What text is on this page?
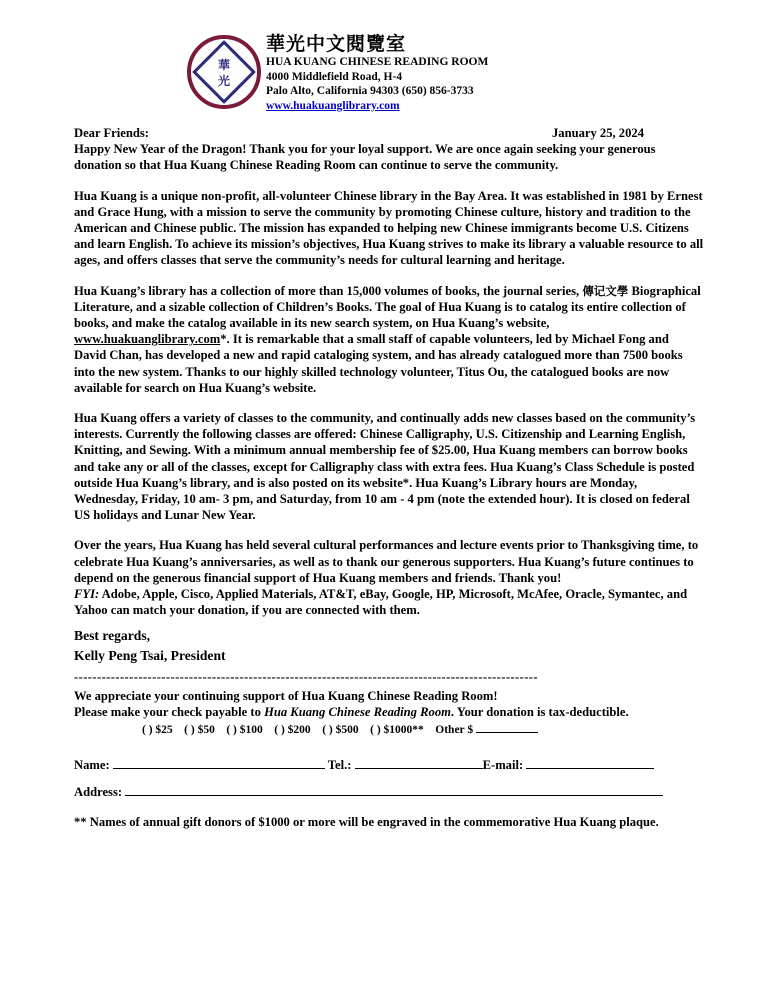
華
光
華光中文閱覽室
HUA KUANG CHINESE READING ROOM
4000 Middlefield Road, H-4
Palo Alto, California 94303 (650) 856-3733
www.huakuanglibrary.com
Dear Friends:	January 25, 2024

Happy New Year of the Dragon! Thank you for your loyal support. We are once again seeking your generous donation so that Hua Kuang Chinese Reading Room can continue to serve the community.

Hua Kuang is a unique non-profit, all-volunteer Chinese library in the Bay Area. It was established in 1981 by Ernest and Grace Hung, with a mission to serve the community by promoting Chinese culture, history and tradition to the American and Chinese public. The mission has expanded to helping new Chinese immigrants become U.S. Citizens and learn English. To achieve its mission’s objectives, Hua Kuang strives to make its library a valuable resource to all ages, and offers classes that serve the community’s needs for cultural learning and heritage.

Hua Kuang’s library has a collection of more than 15,000 volumes of books, the journal series, 傳记文學 Biographical Literature, and a sizable collection of Children’s Books. The goal of Hua Kuang is to catalog its entire collection of books, and make the catalog available in its new search system, on Hua Kuang’s website, www.huakuanglibrary.com*. It is remarkable that a small staff of capable volunteers, led by Michael Fong and David Chan, has developed a new and rapid cataloging system, and has already catalogued more than 7500 books into the new system. Thanks to our highly skilled technology volunteer, Titus Ou, the catalogued books are now available for search on Hua Kuang’s website.

Hua Kuang offers a variety of classes to the community, and continually adds new classes based on the community’s interests. Currently the following classes are offered: Chinese Calligraphy, U.S. Citizenship and Learning English, Knitting, and Sewing. With a minimum annual membership fee of $25.00, Hua Kuang members can borrow books and take any or all of the classes, except for Calligraphy class with extra fees. Hua Kuang’s Class Schedule is posted outside Hua Kuang’s library, and is also posted on its website*. Hua Kuang’s Library hours are Monday, Wednesday, Friday, 10 am- 3 pm, and Saturday, from 10 am - 4 pm (note the extended hour). It is closed on federal US holidays and Lunar New Year.

Over the years, Hua Kuang has held several cultural performances and lecture events prior to Thanksgiving time, to celebrate Hua Kuang’s anniversaries, as well as to thank our generous supporters. Hua Kuang’s future continues to depend on the generous financial support of Hua Kuang members and friends. Thank you!

FYI: Adobe, Apple, Cisco, Applied Materials, AT&T, eBay, Google, HP, Microsoft, McAfee, Oracle, Symantec, and Yahoo can match your donation, if you are connected with them.

Best regards,

Kelly Peng Tsai, President

-----------------------------------------------------------------------------------------------------
We appreciate your continuing support of Hua Kuang Chinese Reading Room!
Please make your check payable to Hua Kuang Chinese Reading Room. Your donation is tax-deductible.
( ) $25 ( ) $50 ( ) $100 ( ) $200 ( ) $500 ( ) $1000** Other $
Name:	Tel.:	E-mail:
Address:
** Names of annual gift donors of $1000 or more will be engraved in the commemorative Hua Kuang plaque.
